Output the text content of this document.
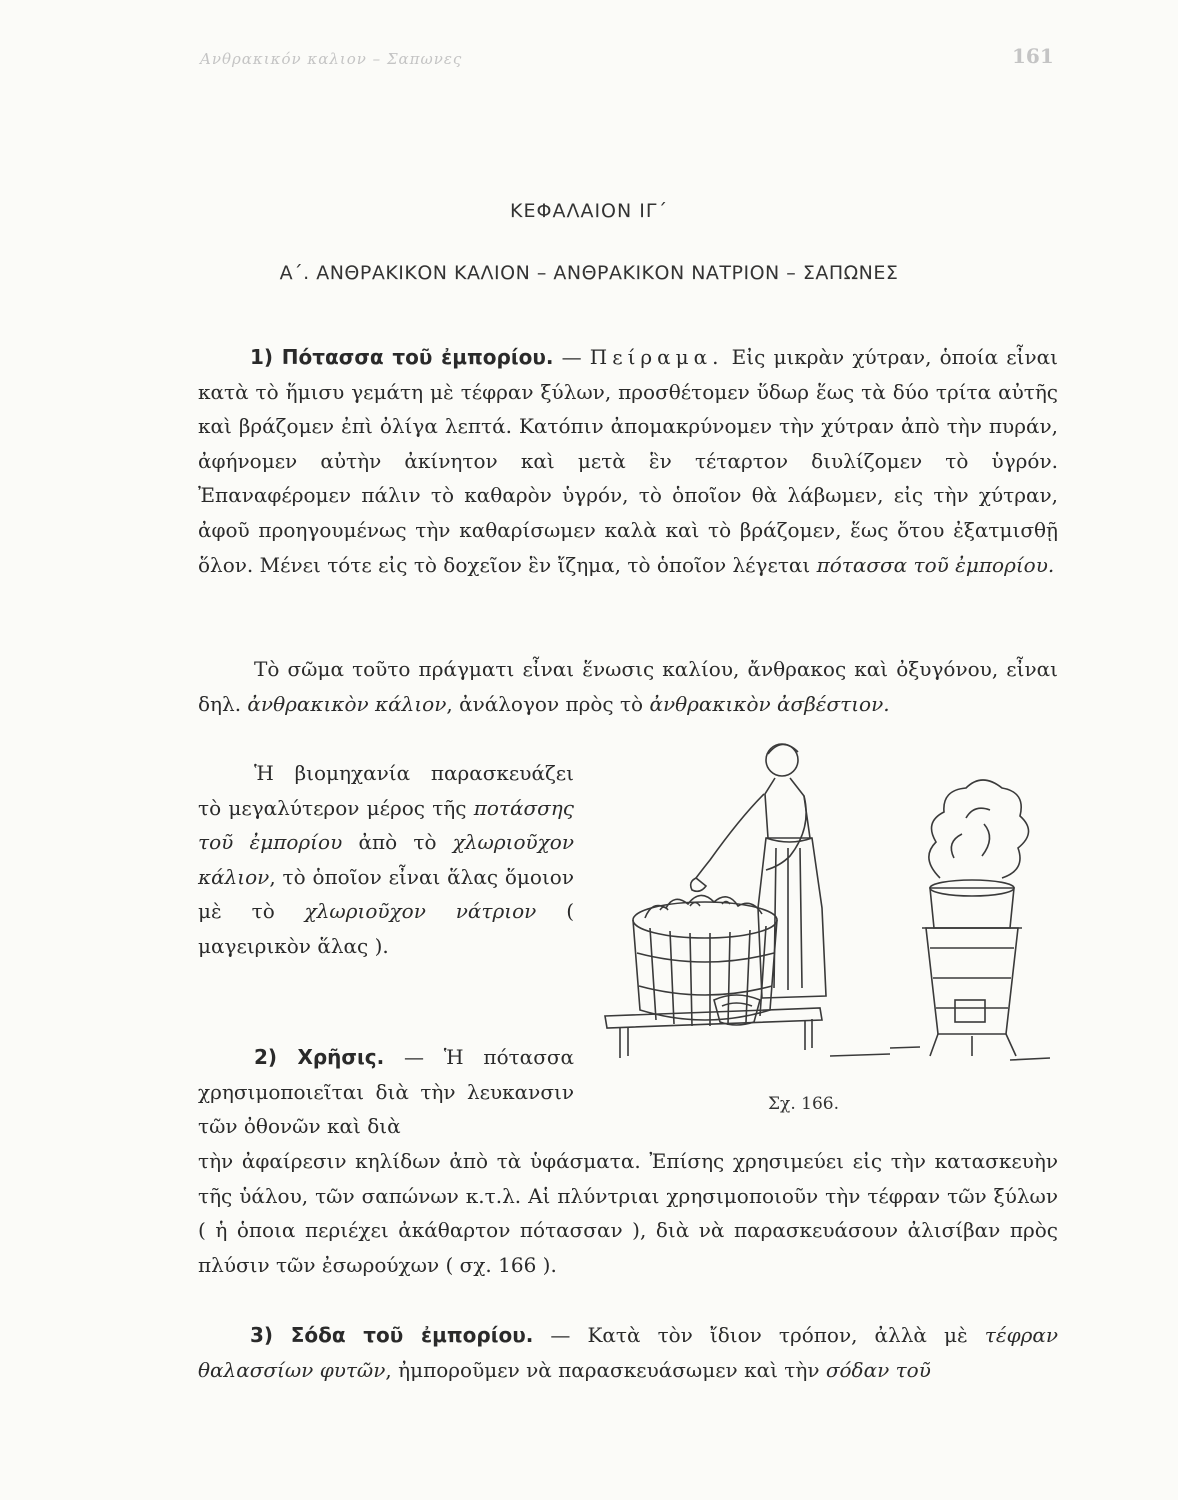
Ανθρακικόν καλιον – Σαπωνες	161
ΚΕΦΑΛΑΙΟΝ ΙΓ΄
Α΄. ΑΝΘΡΑΚΙΚΟΝ ΚΑΛΙΟΝ – ΑΝΘΡΑΚΙΚΟΝ ΝΑΤΡΙΟΝ – ΣΑΠΩΝΕΣ

1) Πότασσα τοῦ ἐμπορίου. — Πείραμα. Εἰς μικρὰν χύτραν, ὁποία εἶναι κατὰ τὸ ἥμισυ γεμάτη μὲ τέφραν ξύλων, προσθέτομεν ὕδωρ ἕως τὰ δύο τρίτα αὐτῆς καὶ βράζομεν ἐπὶ ὀλίγα λεπτά. Κατόπιν ἀπομακρύνομεν τὴν χύτραν ἀπὸ τὴν πυράν, ἀφήνομεν αὐτὴν ἀκίνητον καὶ μετὰ ἓν τέταρτον διυλίζομεν τὸ ὑγρόν. Ἐπαναφέρομεν πάλιν τὸ καθαρὸν ὑγρόν, τὸ ὁποῖον θὰ λάβωμεν, εἰς τὴν χύτραν, ἀφοῦ προηγουμένως τὴν καθαρίσωμεν καλὰ καὶ τὸ βράζομεν, ἕως ὅτου ἐξατμισθῇ ὅλον. Μένει τότε εἰς τὸ δοχεῖον ἓν ἴζημα, τὸ ὁποῖον λέγεται πότασσα τοῦ ἐμπορίου.

Τὸ σῶμα τοῦτο πράγματι εἶναι ἕνωσις καλίου, ἄνθρακος καὶ ὀξυγόνου, εἶναι δηλ. ἀνθρακικὸν κάλιον, ἀνάλογον πρὸς τὸ ἀνθρακικὸν ἀσβέστιον.

Ἡ βιομηχανία παρασκευάζει τὸ μεγαλύτερον μέρος τῆς ποτάσσης τοῦ ἐμπορίου ἀπὸ τὸ χλωριοῦχον κάλιον, τὸ ὁποῖον εἶναι ἅλας ὅμοιον μὲ τὸ χλωριοῦχον νάτριον ( μαγειρικὸν ἅλας ).

2) Χρῆσις. — Ἡ πότασσα χρησιμοποιεῖται διὰ τὴν λευκανσιν τῶν ὀθονῶν καὶ διὰ

τὴν ἀφαίρεσιν κηλίδων ἀπὸ τὰ ὑφάσματα. Ἐπίσης χρησιμεύει εἰς τὴν κατασκευὴν τῆς ὑάλου, τῶν σαπώνων κ.τ.λ. Αἱ πλύντριαι χρησιμοποιοῦν τὴν τέφραν τῶν ξύλων ( ἡ ὁποια περιέχει ἀκάθαρτον πότασσαν ), διὰ νὰ παρασκευάσουν ἀλισίβαν πρὸς πλύσιν τῶν ἐσωρούχων ( σχ. 166 ).

Σχ. 166.

3) Σόδα τοῦ ἐμπορίου. — Κατὰ τὸν ἴδιον τρόπον, ἀλλὰ μὲ τέφραν θαλασσίων φυτῶν, ἠμποροῦμεν νὰ παρασκευάσωμεν καὶ τὴν σόδαν τοῦ
